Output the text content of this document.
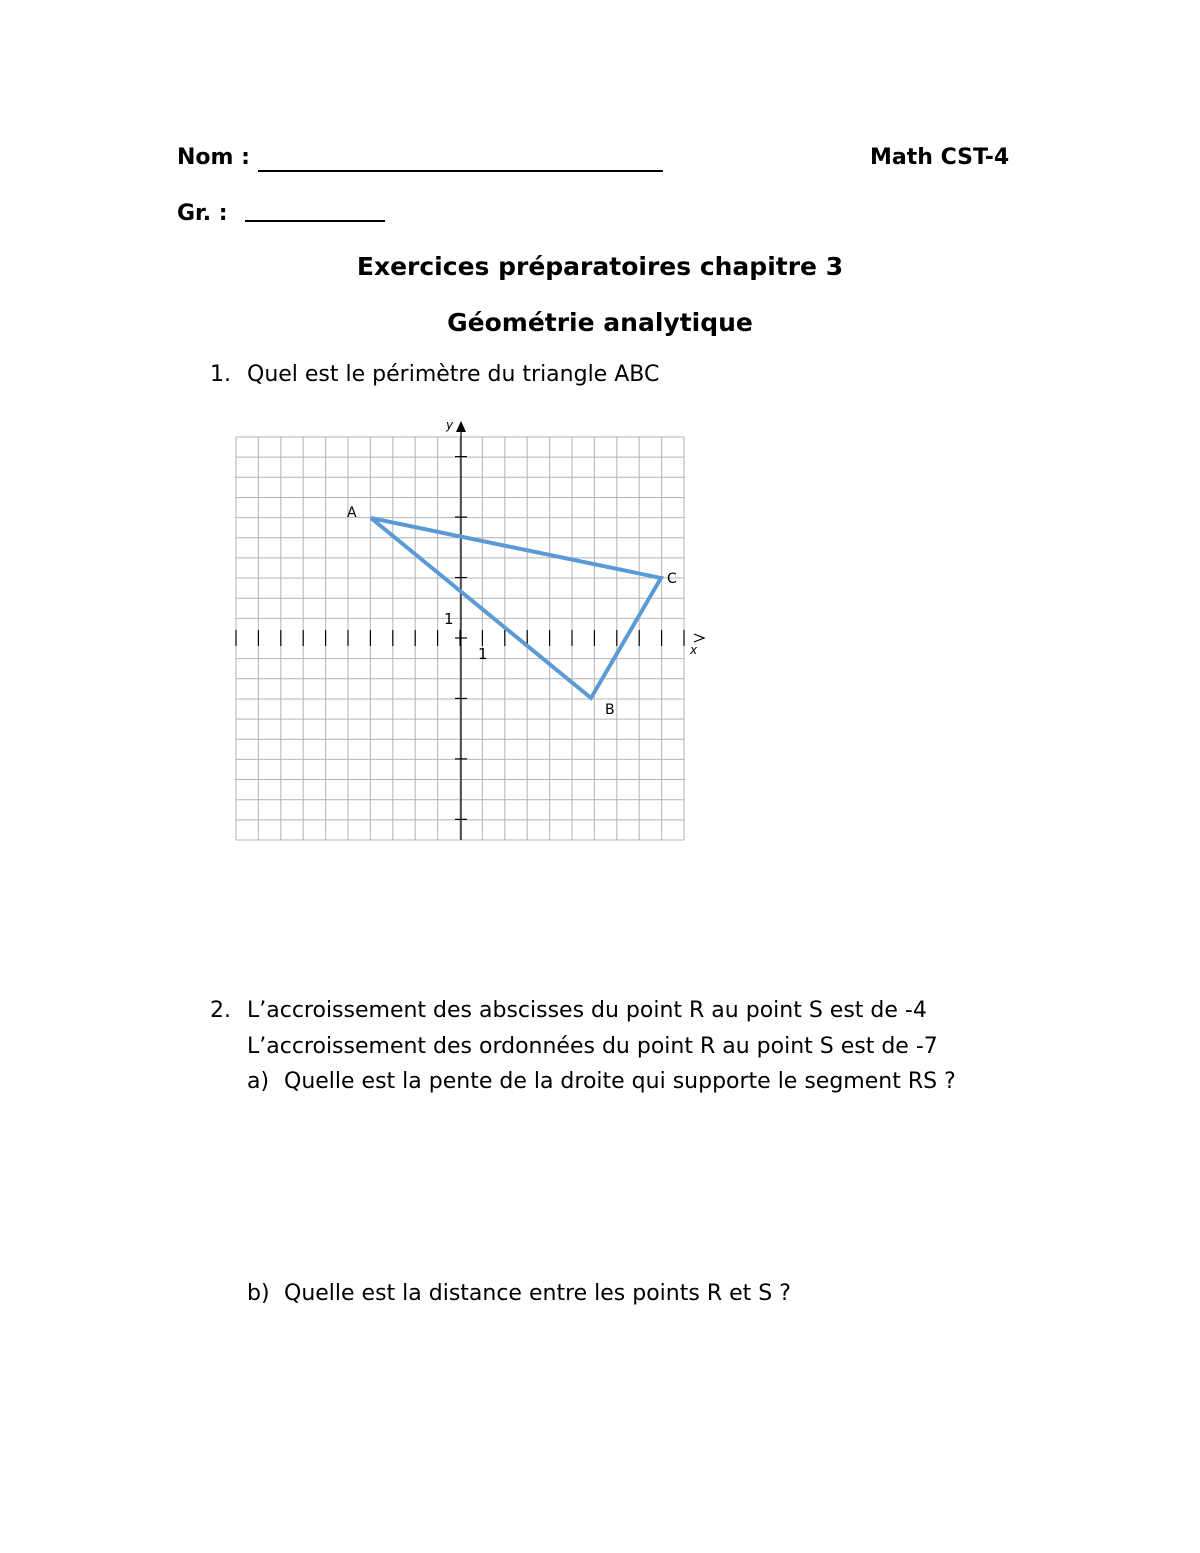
Nom :	Math CST-4
Gr. :
Exercices préparatoires chapitre 3
Géométrie analytique
1. Quel est le périmètre du triangle ABC
y
x
1
1
A
B
C
2. L’accroissement des abscisses du point R au point S est de -4
L’accroissement des ordonnées du point R au point S est de -7
a) Quelle est la pente de la droite qui supporte le segment RS ?
b) Quelle est la distance entre les points R et S ?
